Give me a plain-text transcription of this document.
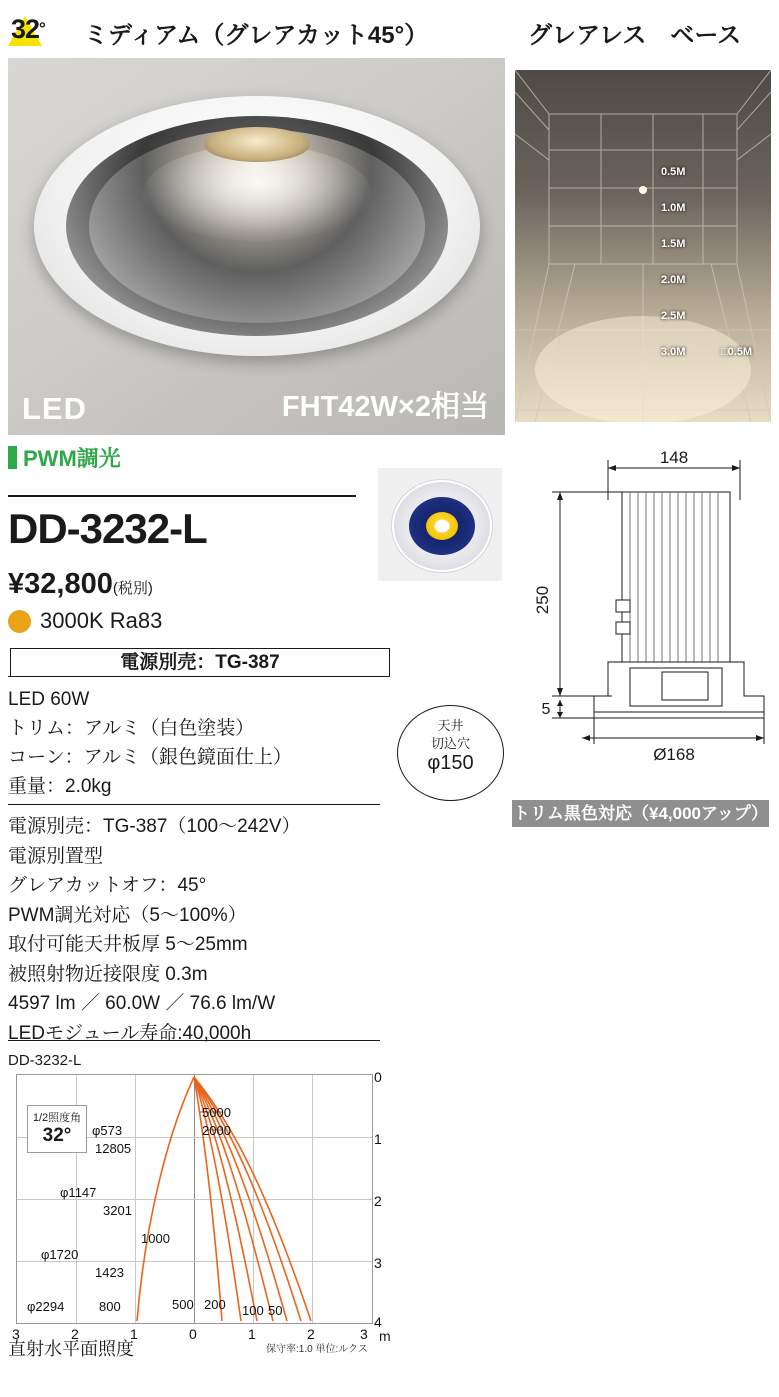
32 ° ミディアム（グレアカット45°）	グレアレス　ベース
LED	FHT42W×2相当
0.5M
1.0M
1.5M
2.0M
2.5M
3.0M	□0.5M
PWM調光
DD-3232-L
¥32,800(税別)
3000K Ra83
電源別売：TG-387
LED 60W
トリム：アルミ（白色塗装）
コーン：アルミ（銀色鏡面仕上）
重量：2.0kg
電源別売：TG-387（100～242V）
電源別置型
グレアカットオフ：45°
PWM調光対応（5～100%）
取付可能天井板厚 5～25mm
被照射物近接限度 0.3m
4597 lm ／ 60.0W ／ 76.6 lm/W
LEDモジュール寿命:40,000h
148
250
5
Ø168
天井
切込穴
φ150
トリム黒色対応（¥4,000アップ）
DD-3232-L
1/2照度角
32°	φ573
12805
φ1147
3201
φ1720
1423
φ2294	800
5000
2000
1000
500 200 100 50
0
1
2
3
4
3	2	1	0	1	2	3 m
直射水平面照度	保守率:1.0 単位:ルクス
